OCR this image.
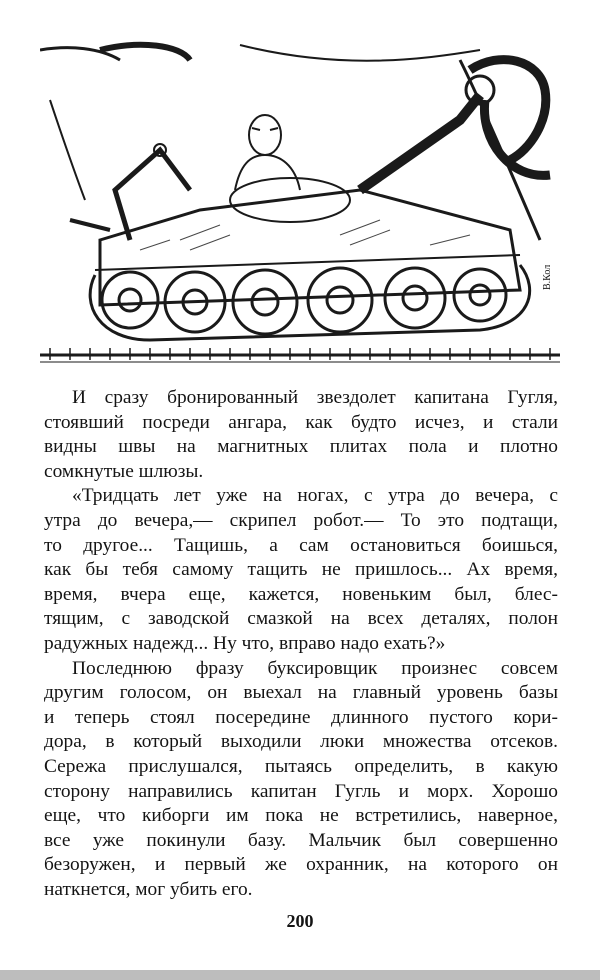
В.Кол
И сразу бронированный звездолет капитана Гугля,
стоявший посреди ангара, как будто исчез, и стали
видны швы на магнитных плитах пола и плотно
сомкнутые шлюзы.
«Тридцать лет уже на ногах, с утра до вечера, с
утра до вечера,— скрипел робот.— То это подтащи,
то другое... Тащишь, а сам остановиться боишься,
как бы тебя самому тащить не пришлось... Ах время,
время, вчера еще, кажется, новеньким был, блес-
тящим, с заводской смазкой на всех деталях, полон
радужных надежд... Ну что, вправо надо ехать?»
Последнюю фразу буксировщик произнес совсем
другим голосом, он выехал на главный уровень базы
и теперь стоял посередине длинного пустого кори-
дора, в который выходили люки множества отсеков.
Сережа прислушался, пытаясь определить, в какую
сторону направились капитан Гугль и морх. Хорошо
еще, что киборги им пока не встретились, наверное,
все уже покинули базу. Мальчик был совершенно
безоружен, и первый же охранник, на которого он
наткнется, мог убить его.
200
